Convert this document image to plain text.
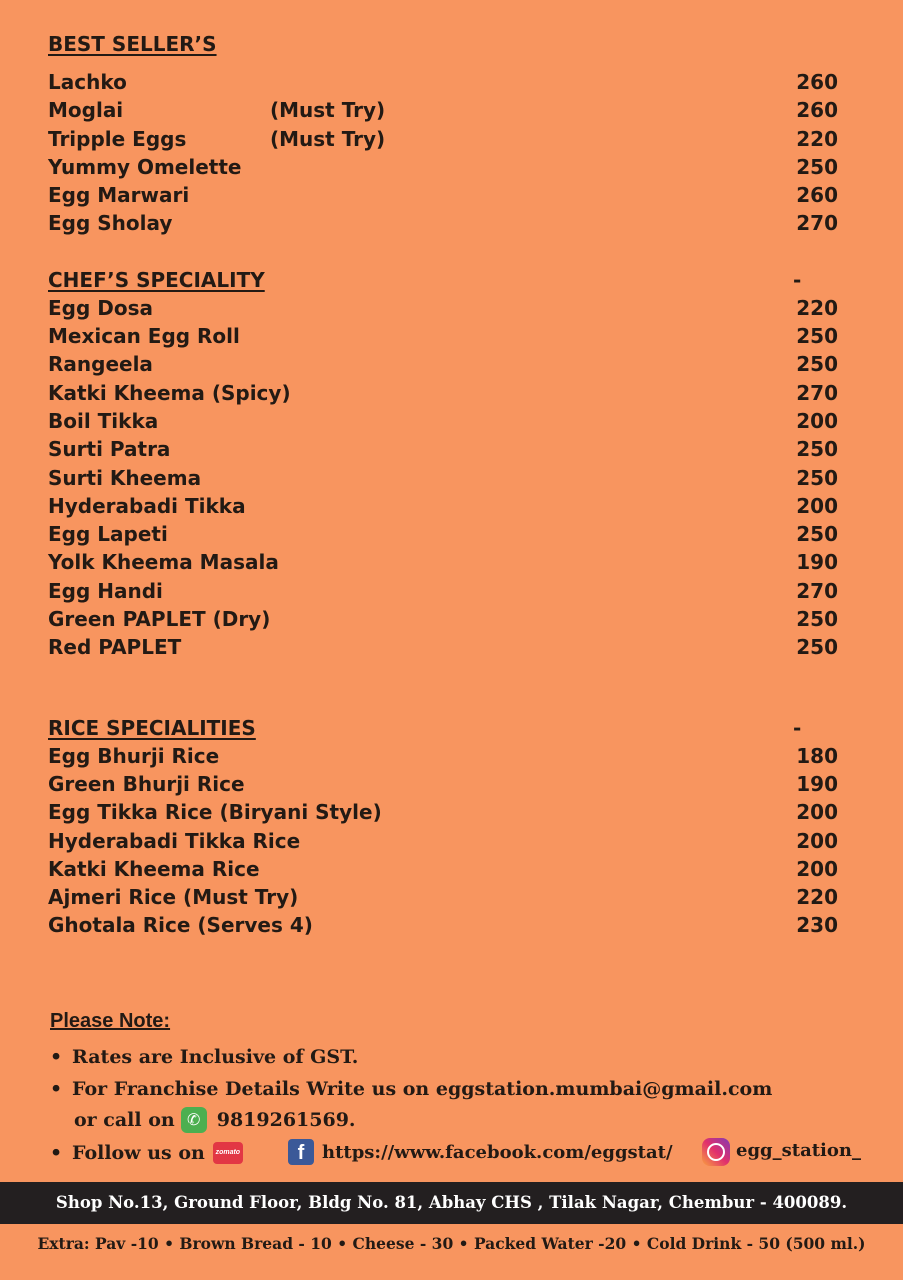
BEST SELLER’S
Lachko	260
Moglai	(Must Try)	260
Tripple Eggs	(Must Try)	220
Yummy Omelette	250
Egg Marwari	260
Egg Sholay	270
CHEF’S SPECIALITY	-
Egg Dosa	220
Mexican Egg Roll	250
Rangeela	250
Katki Kheema (Spicy)	270
Boil Tikka	200
Surti Patra	250
Surti Kheema	250
Hyderabadi Tikka	200
Egg Lapeti	250
Yolk Kheema Masala	190
Egg Handi	270
Green PAPLET (Dry)	250
Red PAPLET	250
RICE SPECIALITIES	-
Egg Bhurji Rice	180
Green Bhurji Rice	190
Egg Tikka Rice (Biryani Style)	200
Hyderabadi Tikka Rice	200
Katki Kheema Rice	200
Ajmeri Rice (Must Try)	220
Ghotala Rice (Serves 4)	230
Please Note:
• Rates are Inclusive of GST.
• For Franchise Details Write us on eggstation.mumbai@gmail.com
or call on ✆ 9819261569.
• Follow us on	zomato	f https://www.facebook.com/eggstat/	egg_station_
Shop No.13, Ground Floor, Bldg No. 81, Abhay CHS , Tilak Nagar, Chembur - 400089.
Extra: Pav -10 • Brown Bread - 10 • Cheese - 30 • Packed Water -20 • Cold Drink - 50 (500 ml.)
